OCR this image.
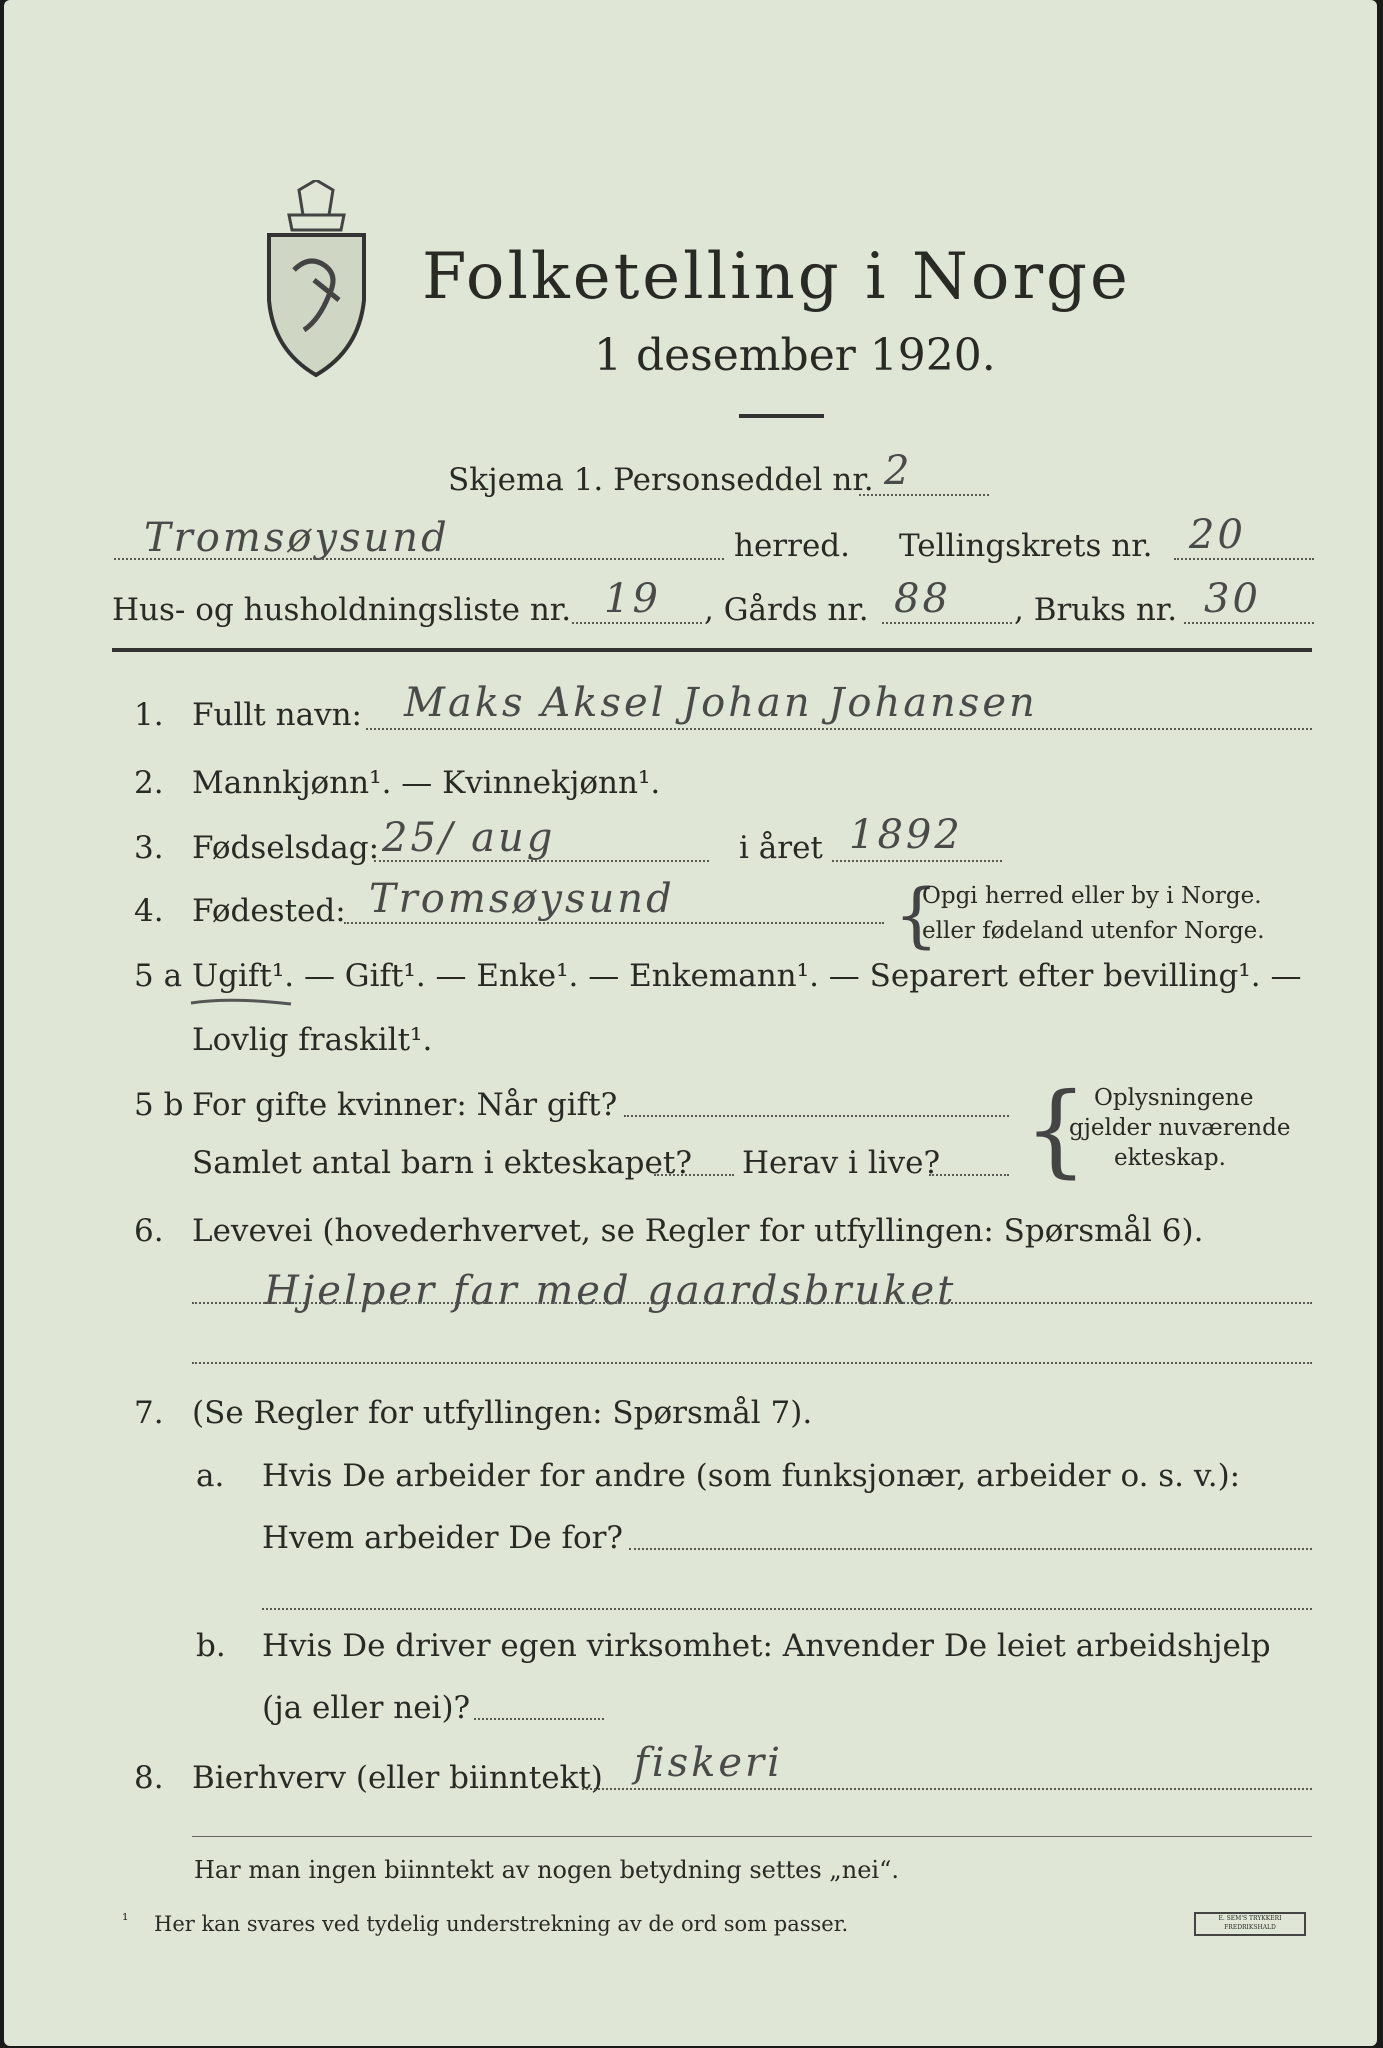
Folketelling i Norge
1 desember 1920.
Skjema 1. Personseddel nr. 2
Tromsøysund	herred. Tellingskrets nr. 20
Hus- og husholdningsliste nr. 19 , Gårds nr. 88 , Bruks nr. 30
1. Fullt navn: Maks Aksel Johan Johansen
2. Mannkjønn¹. — Kvinnekjønn¹.
3. Fødselsdag: 25/ aug	i året 1892
4. Fødested: Tromsøysund	{
Opgi herred eller by i Norge.
eller fødeland utenfor Norge.
5 a Ugift¹. — Gift¹. — Enke¹. — Enkemann¹. — Separert efter bevilling¹. —
Lovlig fraskilt¹.
5 b For gifte kvinner: Når gift?
Samlet antal barn i ekteskapet? Herav i live? { Oplysningene
gjelder nuværende
ekteskap.
6. Levevei (hovederhvervet, se Regler for utfyllingen: Spørsmål 6).
Hjelper far med gaardsbruket
7. (Se Regler for utfyllingen: Spørsmål 7).
a. Hvis De arbeider for andre (som funksjonær, arbeider o. s. v.):
Hvem arbeider De for?
b. Hvis De driver egen virksomhet: Anvender De leiet arbeidshjelp
(ja eller nei)?
8. Bierhverv (eller biinntekt) fiskeri
Har man ingen biinntekt av nogen betydning settes „nei“.
¹ Her kan svares ved tydelig understrekning av de ord som passer.	E. SEM'S TRYKKERI FREDRIKSHALD
